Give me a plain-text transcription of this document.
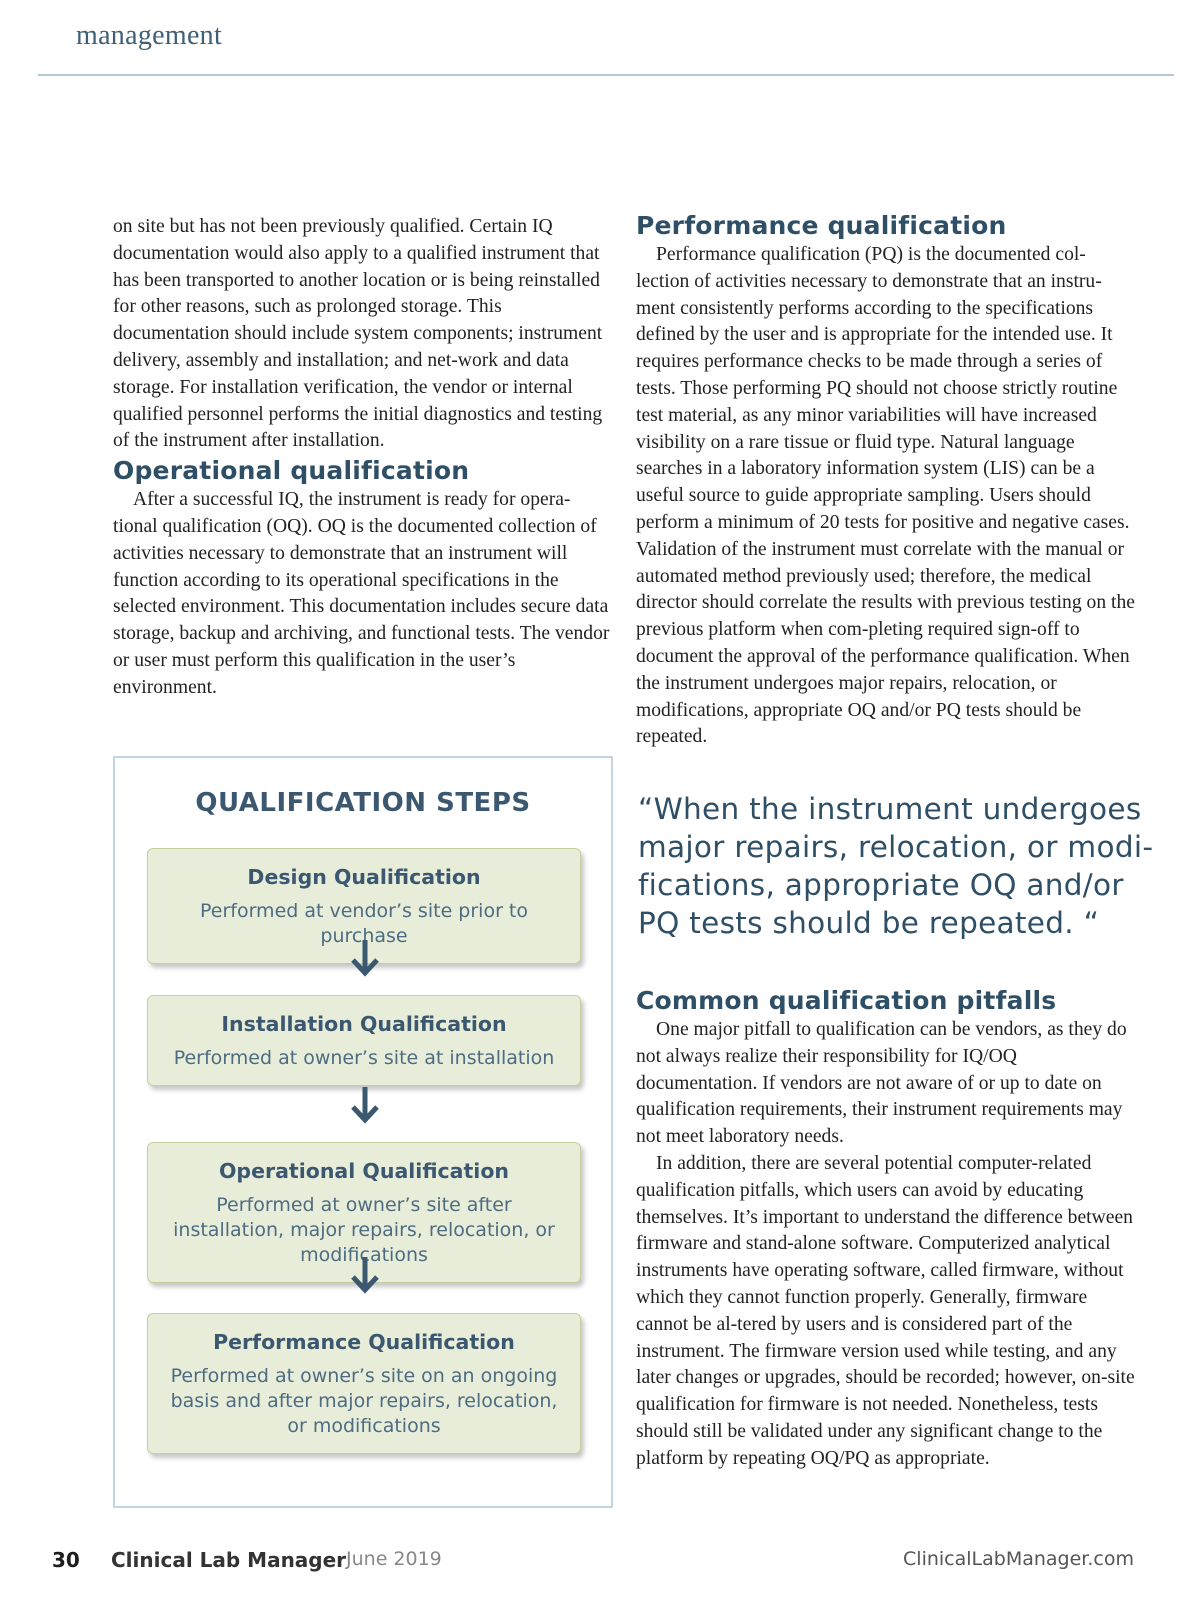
management

on site but has not been previously qualified. Certain IQ documentation would also apply to a qualified instrument that has been transported to another location or is being reinstalled for other reasons, such as prolonged storage. This documentation should include system components; instrument delivery, assembly and installation; and net-work and data storage. For installation verification, the vendor or internal qualified personnel performs the initial diagnostics and testing of the instrument after installation.

Operational qualification

After a successful IQ, the instrument is ready for opera-tional qualification (OQ). OQ is the documented collection of activities necessary to demonstrate that an instrument will function according to its operational specifications in the selected environment. This documentation includes secure data storage, backup and archiving, and functional tests. The vendor or user must perform this qualification in the user’s environment.

Performance qualification

Performance qualification (PQ) is the documented col-lection of activities necessary to demonstrate that an instru-ment consistently performs according to the specifications defined by the user and is appropriate for the intended use. It requires performance checks to be made through a series of tests. Those performing PQ should not choose strictly routine test material, as any minor variabilities will have increased visibility on a rare tissue or fluid type. Natural language searches in a laboratory information system (LIS) can be a useful source to guide appropriate sampling. Users should perform a minimum of 20 tests for positive and negative cases. Validation of the instrument must correlate with the manual or automated method previously used; therefore, the medical director should correlate the results with previous testing on the previous platform when com-pleting required sign-off to document the approval of the performance qualification. When the instrument undergoes major repairs, relocation, or modifications, appropriate OQ and/or PQ tests should be repeated.

QUALIFICATION STEPS
Design Qualification
Performed at vendor’s site prior to purchase
Installation Qualification
Performed at owner’s site at installation
Operational Qualification
Performed at owner’s site after installation, major repairs, relocation, or modifications
Performance Qualification
Performed at owner’s site on an ongoing basis and after major repairs, relocation, or modifications
“When the instrument undergoes major repairs, relocation, or modi-fications, appropriate OQ and/or PQ tests should be repeated. “
Common qualification pitfalls

One major pitfall to qualification can be vendors, as they do not always realize their responsibility for IQ/OQ documentation. If vendors are not aware of or up to date on qualification requirements, their instrument requirements may not meet laboratory needs.

In addition, there are several potential computer-related qualification pitfalls, which users can avoid by educating themselves. It’s important to understand the difference between firmware and stand-alone software. Computerized analytical instruments have operating software, called firmware, without which they cannot function properly. Generally, firmware cannot be al-tered by users and is considered part of the instrument. The firmware version used while testing, and any later changes or upgrades, should be recorded; however, on-site qualification for firmware is not needed. Nonetheless, tests should still be validated under any significant change to the platform by repeating OQ/PQ as appropriate.

30 Clinical Lab Manager June 2019	ClinicalLabManager.com
